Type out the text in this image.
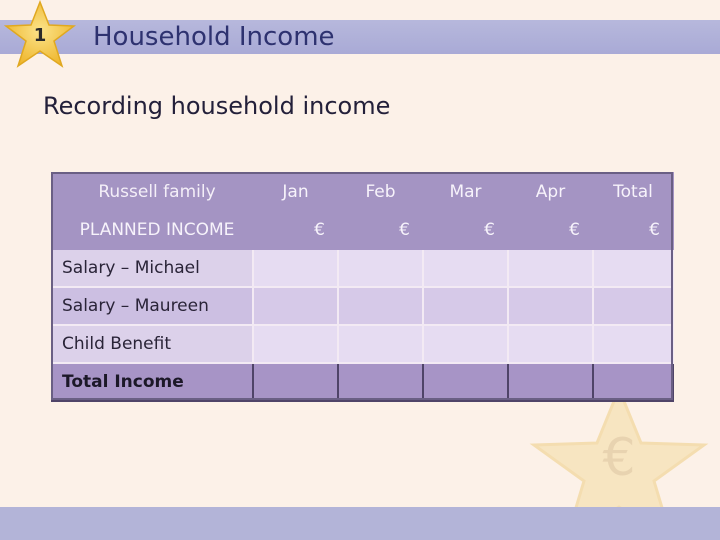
1 Household Income
Recording household income
€
Russell family	Jan	Feb	Mar	Apr	Total
PLANNED INCOME	€	€	€	€	€
Salary – Michael					
Salary – Maureen					
Child Benefit					
Total Income					
